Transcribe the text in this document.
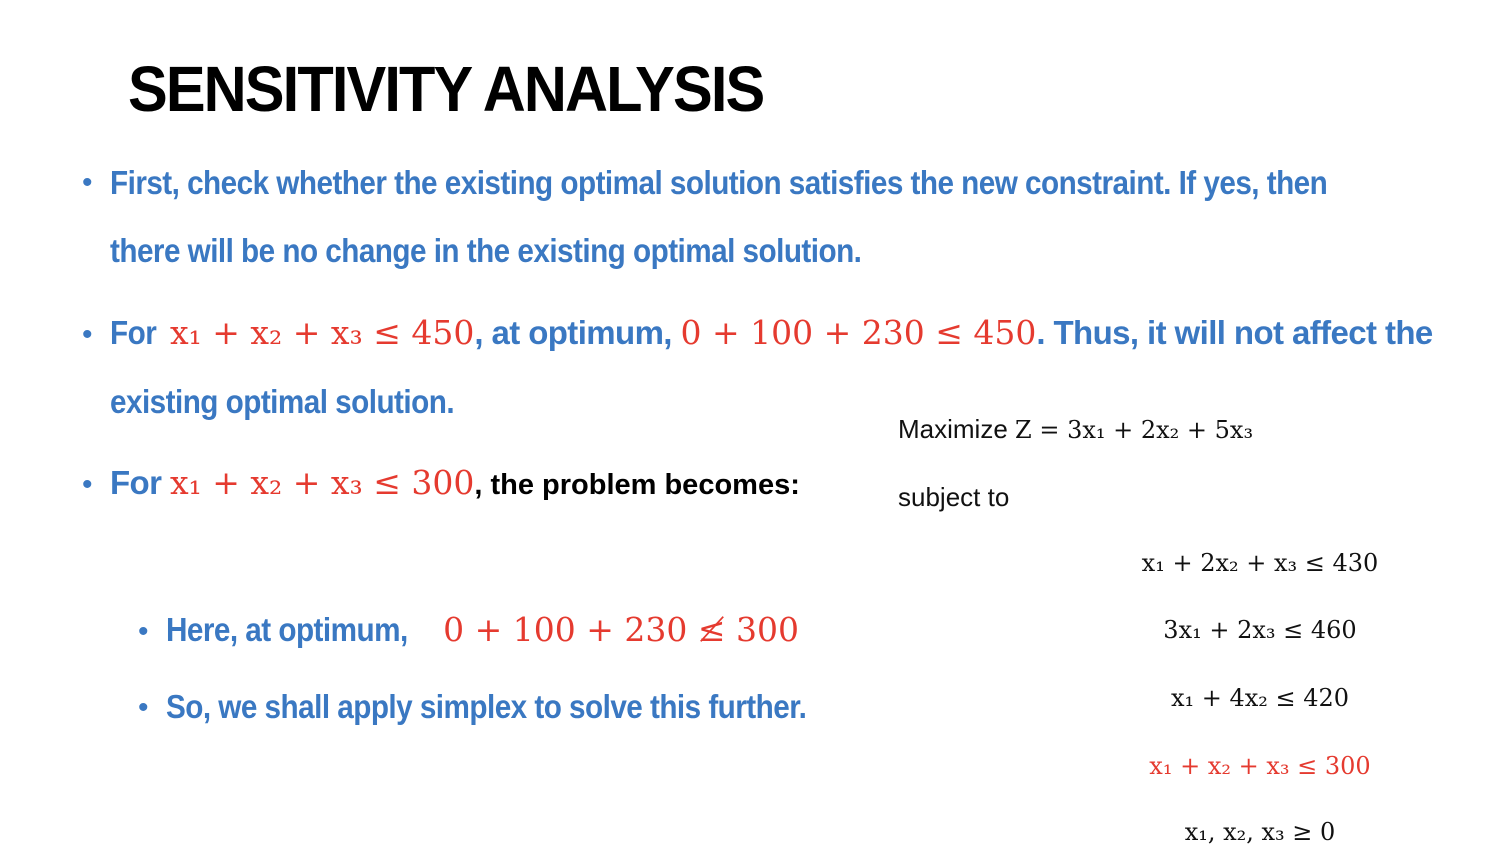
SENSITIVITY ANALYSIS
• First, check whether the existing optimal solution satisfies the new constraint. If yes, then
there will be no change in the existing optimal solution.
• For x₁ + x₂ + x₃ ≤ 450, at optimum, 0 + 100 + 230 ≤ 450. Thus, it will not affect the
existing optimal solution.
• For x₁ + x₂ + x₃ ≤ 300, the problem becomes:
• Here, at optimum, 0 + 100 + 230 ≰ 300
• So, we shall apply simplex to solve this further.
Maximize Z = 3x₁ + 2x₂ + 5x₃
subject to
x₁ + 2x₂ + x₃ ≤ 430
3x₁ + 2x₃ ≤ 460
x₁ + 4x₂ ≤ 420
x₁ + x₂ + x₃ ≤ 300
x₁, x₂, x₃ ≥ 0
